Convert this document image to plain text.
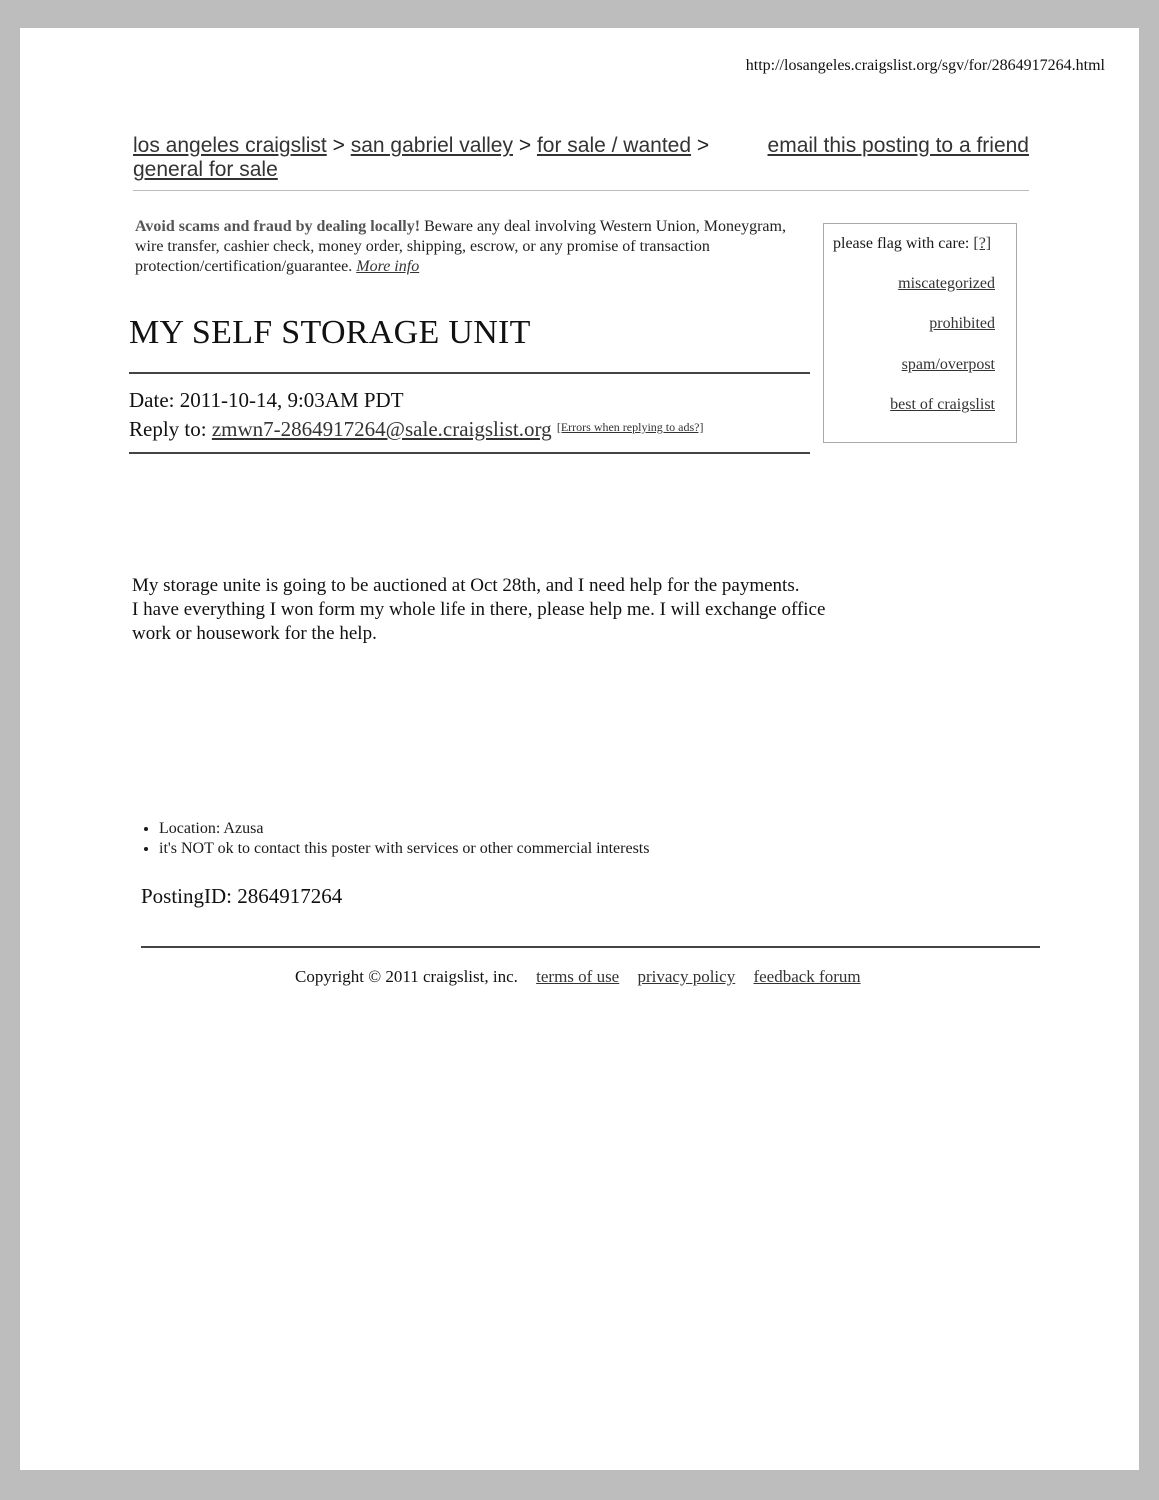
http://losangeles.craigslist.org/sgv/for/2864917264.html
los angeles craigslist > san gabriel valley > for sale / wanted >
general for sale
email this posting to a friend
Avoid scams and fraud by dealing locally! Beware any deal involving Western Union, Moneygram, wire transfer, cashier check, money order, shipping, escrow, or any promise of transaction protection/certification/guarantee. More info
please flag with care: [?]
miscategorized
prohibited
spam/overpost
best of craigslist
MY SELF STORAGE UNIT
Date: 2011-10-14, 9:03AM PDT
Reply to: zmwn7-2864917264@sale.craigslist.org [Errors when replying to ads?]
My storage unite is going to be auctioned at Oct 28th, and I need help for the payments.
I have everything I won form my whole life in there, please help me. I will exchange office
work or housework for the help.
• Location: Azusa
• it's NOT ok to contact this poster with services or other commercial interests
PostingID: 2864917264
Copyright © 2011 craigslist, inc. terms of use privacy policy feedback forum
